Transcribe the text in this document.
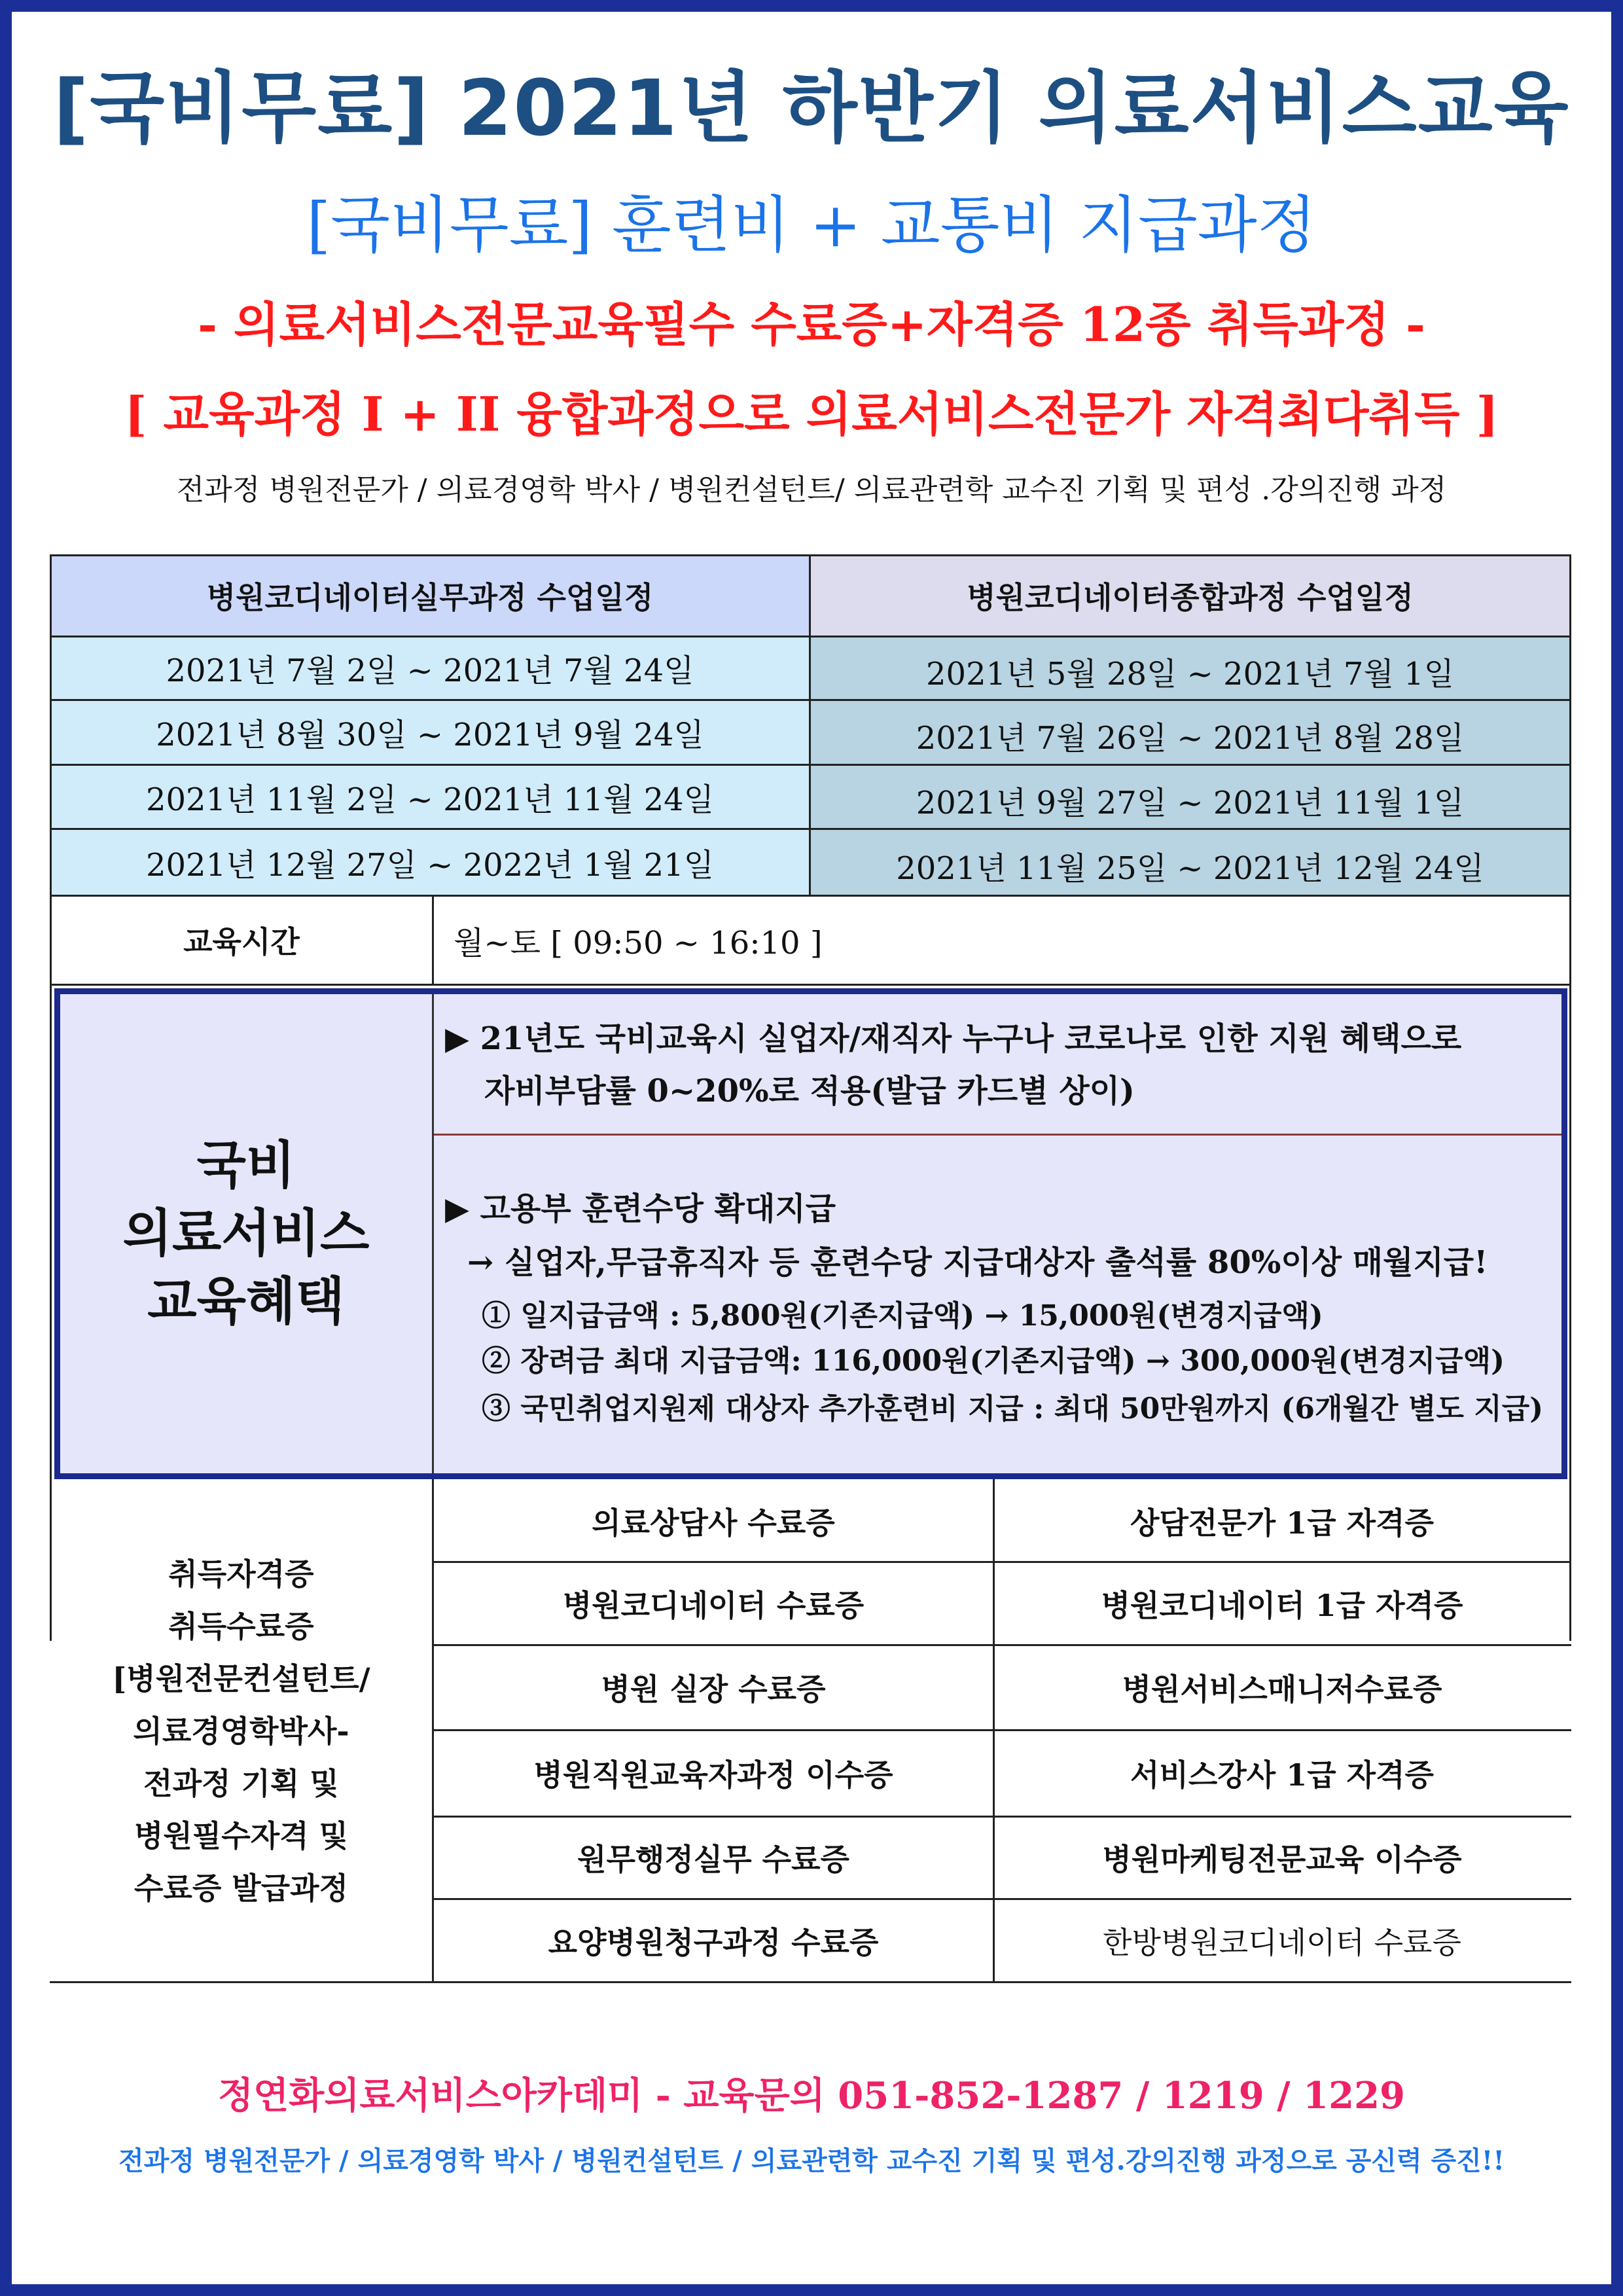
[국비무료] 2021년 하반기 의료서비스교육
[국비무료] 훈련비 + 교통비 지급과정
- 의료서비스전문교육필수 수료증+자격증 12종 취득과정 -
[ 교육과정 I + II 융합과정으로 의료서비스전문가 자격최다취득 ]
전과정 병원전문가 / 의료경영학 박사 / 병원컨설턴트/ 의료관련학 교수진 기획 및 편성 .강의진행 과정
병원코디네이터실무과정 수업일정	병원코디네이터종합과정 수업일정
2021년 7월 2일 ~ 2021년 7월 24일
2021년 8월 30일 ~ 2021년 9월 24일
2021년 11월 2일 ~ 2021년 11월 24일
2021년 12월 27일 ~ 2022년 1월 21일
2021년 5월 28일 ~ 2021년 7월 1일
2021년 7월 26일 ~ 2021년 8월 28일
2021년 9월 27일 ~ 2021년 11월 1일
2021년 11월 25일 ~ 2021년 12월 24일
교육시간	월~토 [ 09:50 ~ 16:10 ]
국비
의료서비스
교육혜택
▶ 21년도 국비교육시 실업자/재직자 누구나 코로나로 인한 지원 혜택으로
자비부담률 0~20%로 적용(발급 카드별 상이)
▶ 고용부 훈련수당 확대지급
→ 실업자,무급휴직자 등 훈련수당 지급대상자 출석률 80%이상 매월지급!
① 일지급금액 : 5,800원(기존지급액) → 15,000원(변경지급액)
② 장려금 최대 지급금액: 116,000원(기존지급액) → 300,000원(변경지급액)
③ 국민취업지원제 대상자 추가훈련비 지급 : 최대 50만원까지 (6개월간 별도 지급)
취득자격증
취득수료증
[병원전문컨설턴트/
의료경영학박사-
전과정 기획 및
병원필수자격 및
수료증 발급과정
의료상담사 수료증
병원코디네이터 수료증
병원 실장 수료증
병원직원교육자과정 이수증
원무행정실무 수료증
요양병원청구과정 수료증
상담전문가 1급 자격증
병원코디네이터 1급 자격증
병원서비스매니저수료증
서비스강사 1급 자격증
병원마케팅전문교육 이수증
한방병원코디네이터 수료증
정연화의료서비스아카데미 - 교육문의 051-852-1287 / 1219 / 1229
전과정 병원전문가 / 의료경영학 박사 / 병원컨설턴트 / 의료관련학 교수진 기획 및 편성.강의진행 과정으로 공신력 증진!!
